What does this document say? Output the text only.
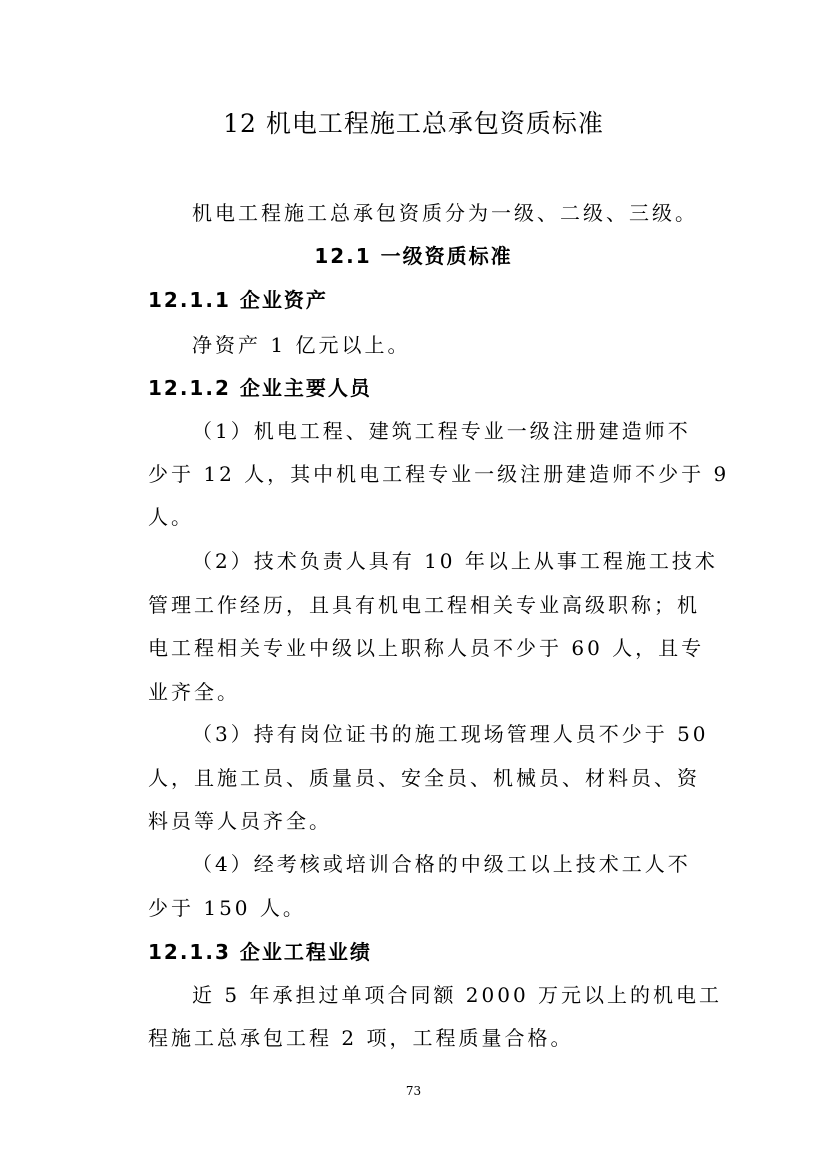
12 机电工程施工总承包资质标准
机电工程施工总承包资质分为一级、二级、三级。
12.1 一级资质标准
12.1.1 企业资产
净资产 1 亿元以上。
12.1.2 企业主要人员
（1）机电工程、建筑工程专业一级注册建造师不
少于 12 人，其中机电工程专业一级注册建造师不少于 9
人。
（2）技术负责人具有 10 年以上从事工程施工技术
管理工作经历，且具有机电工程相关专业高级职称；机
电工程相关专业中级以上职称人员不少于 60 人，且专
业齐全。
（3）持有岗位证书的施工现场管理人员不少于 50
人，且施工员、质量员、安全员、机械员、材料员、资
料员等人员齐全。
（4）经考核或培训合格的中级工以上技术工人不
少于 150 人。
12.1.3 企业工程业绩
近 5 年承担过单项合同额 2000 万元以上的机电工
程施工总承包工程 2 项，工程质量合格。
73
